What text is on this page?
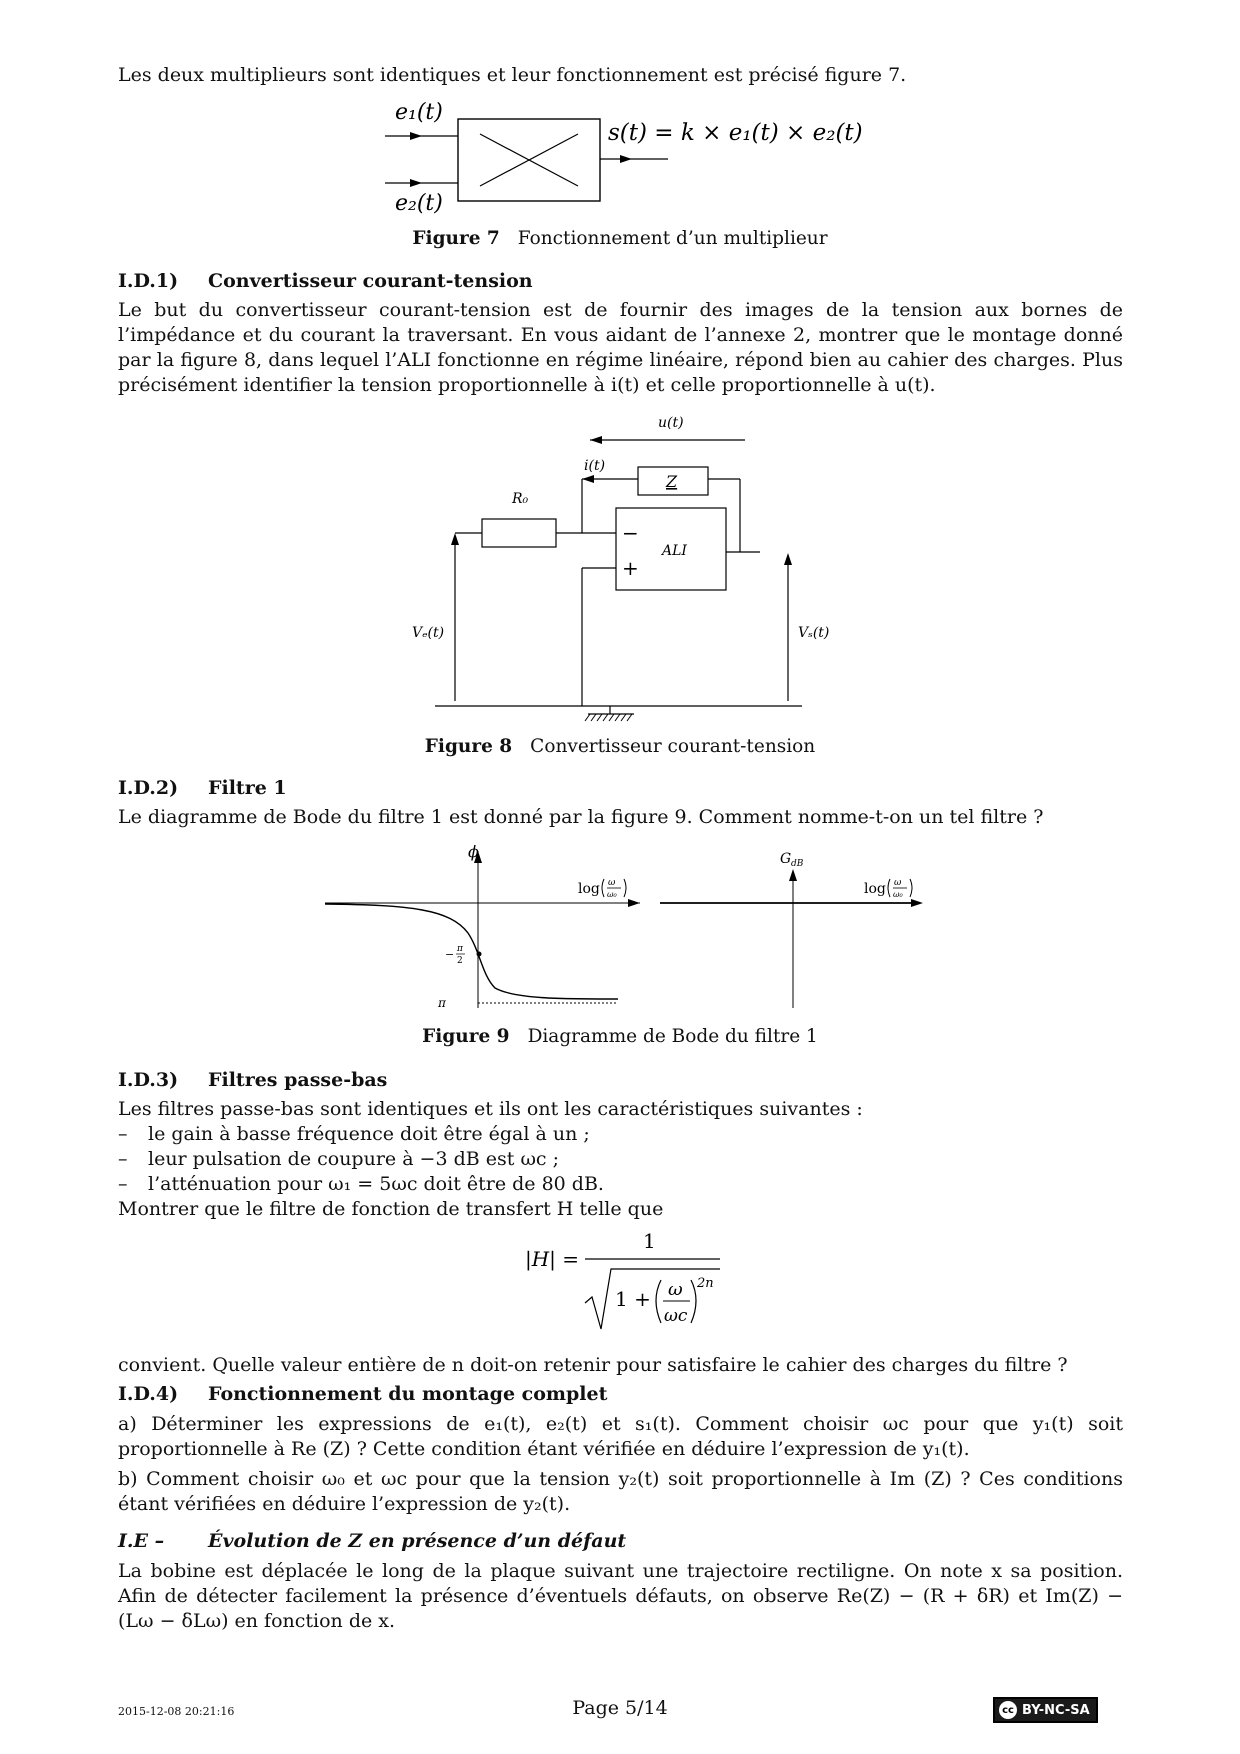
Les deux multiplieurs sont identiques et leur fonctionnement est précisé figure 7.
e₁(t)
e₂(t)
s(t) = k × e₁(t) × e₂(t)
Figure 7 Fonctionnement d’un multiplieur
I.D.1) Convertisseur courant-tension
Le but du convertisseur courant-tension est de fournir des images de la tension aux bornes de l’impédance et du courant la traversant. En vous aidant de l’annexe 2, montrer que le montage donné par la figure 8, dans lequel l’ALI fonctionne en régime linéaire, répond bien au cahier des charges. Plus précisément identifier la tension proportionnelle à i(t) et celle proportionnelle à u(t).
u(t)
i(t)
Z
R₀
−
+
ALI
Vₑ(t)	Vₛ(t)
Figure 8 Convertisseur courant-tension
I.D.2) Filtre 1
Le diagramme de Bode du filtre 1 est donné par la figure 9. Comment nomme-t-on un tel filtre ?
ϕ
log ω
ω₀
− π
2
π
G dB
log ω
ω₀
Figure 9 Diagramme de Bode du filtre 1
I.D.3) Filtres passe-bas
Les filtres passe-bas sont identiques et ils ont les caractéristiques suivantes :
– le gain à basse fréquence doit être égal à un ;
– leur pulsation de coupure à −3 dB est ωc ;
– l’atténuation pour ω₁ = 5ωc doit être de 80 dB.
Montrer que le filtre de fonction de transfert H telle que
|H| =
1
1 + ω
ωc
2n
convient. Quelle valeur entière de n doit-on retenir pour satisfaire le cahier des charges du filtre ?
I.D.4) Fonctionnement du montage complet
a) Déterminer les expressions de e₁(t), e₂(t) et s₁(t). Comment choisir ωc pour que y₁(t) soit proportionnelle à Re (Z) ? Cette condition étant vérifiée en déduire l’expression de y₁(t).
b) Comment choisir ω₀ et ωc pour que la tension y₂(t) soit proportionnelle à Im (Z) ? Ces conditions étant vérifiées en déduire l’expression de y₂(t).
I.E – Évolution de Z en présence d’un défaut
La bobine est déplacée le long de la plaque suivant une trajectoire rectiligne. On note x sa position. Afin de détecter facilement la présence d’éventuels défauts, on observe Re(Z) − (R + δR) et Im(Z) − (Lω − δLω) en fonction de x.
2015-12-08 20:21:16	Page 5/14	cc BY-NC-SA
